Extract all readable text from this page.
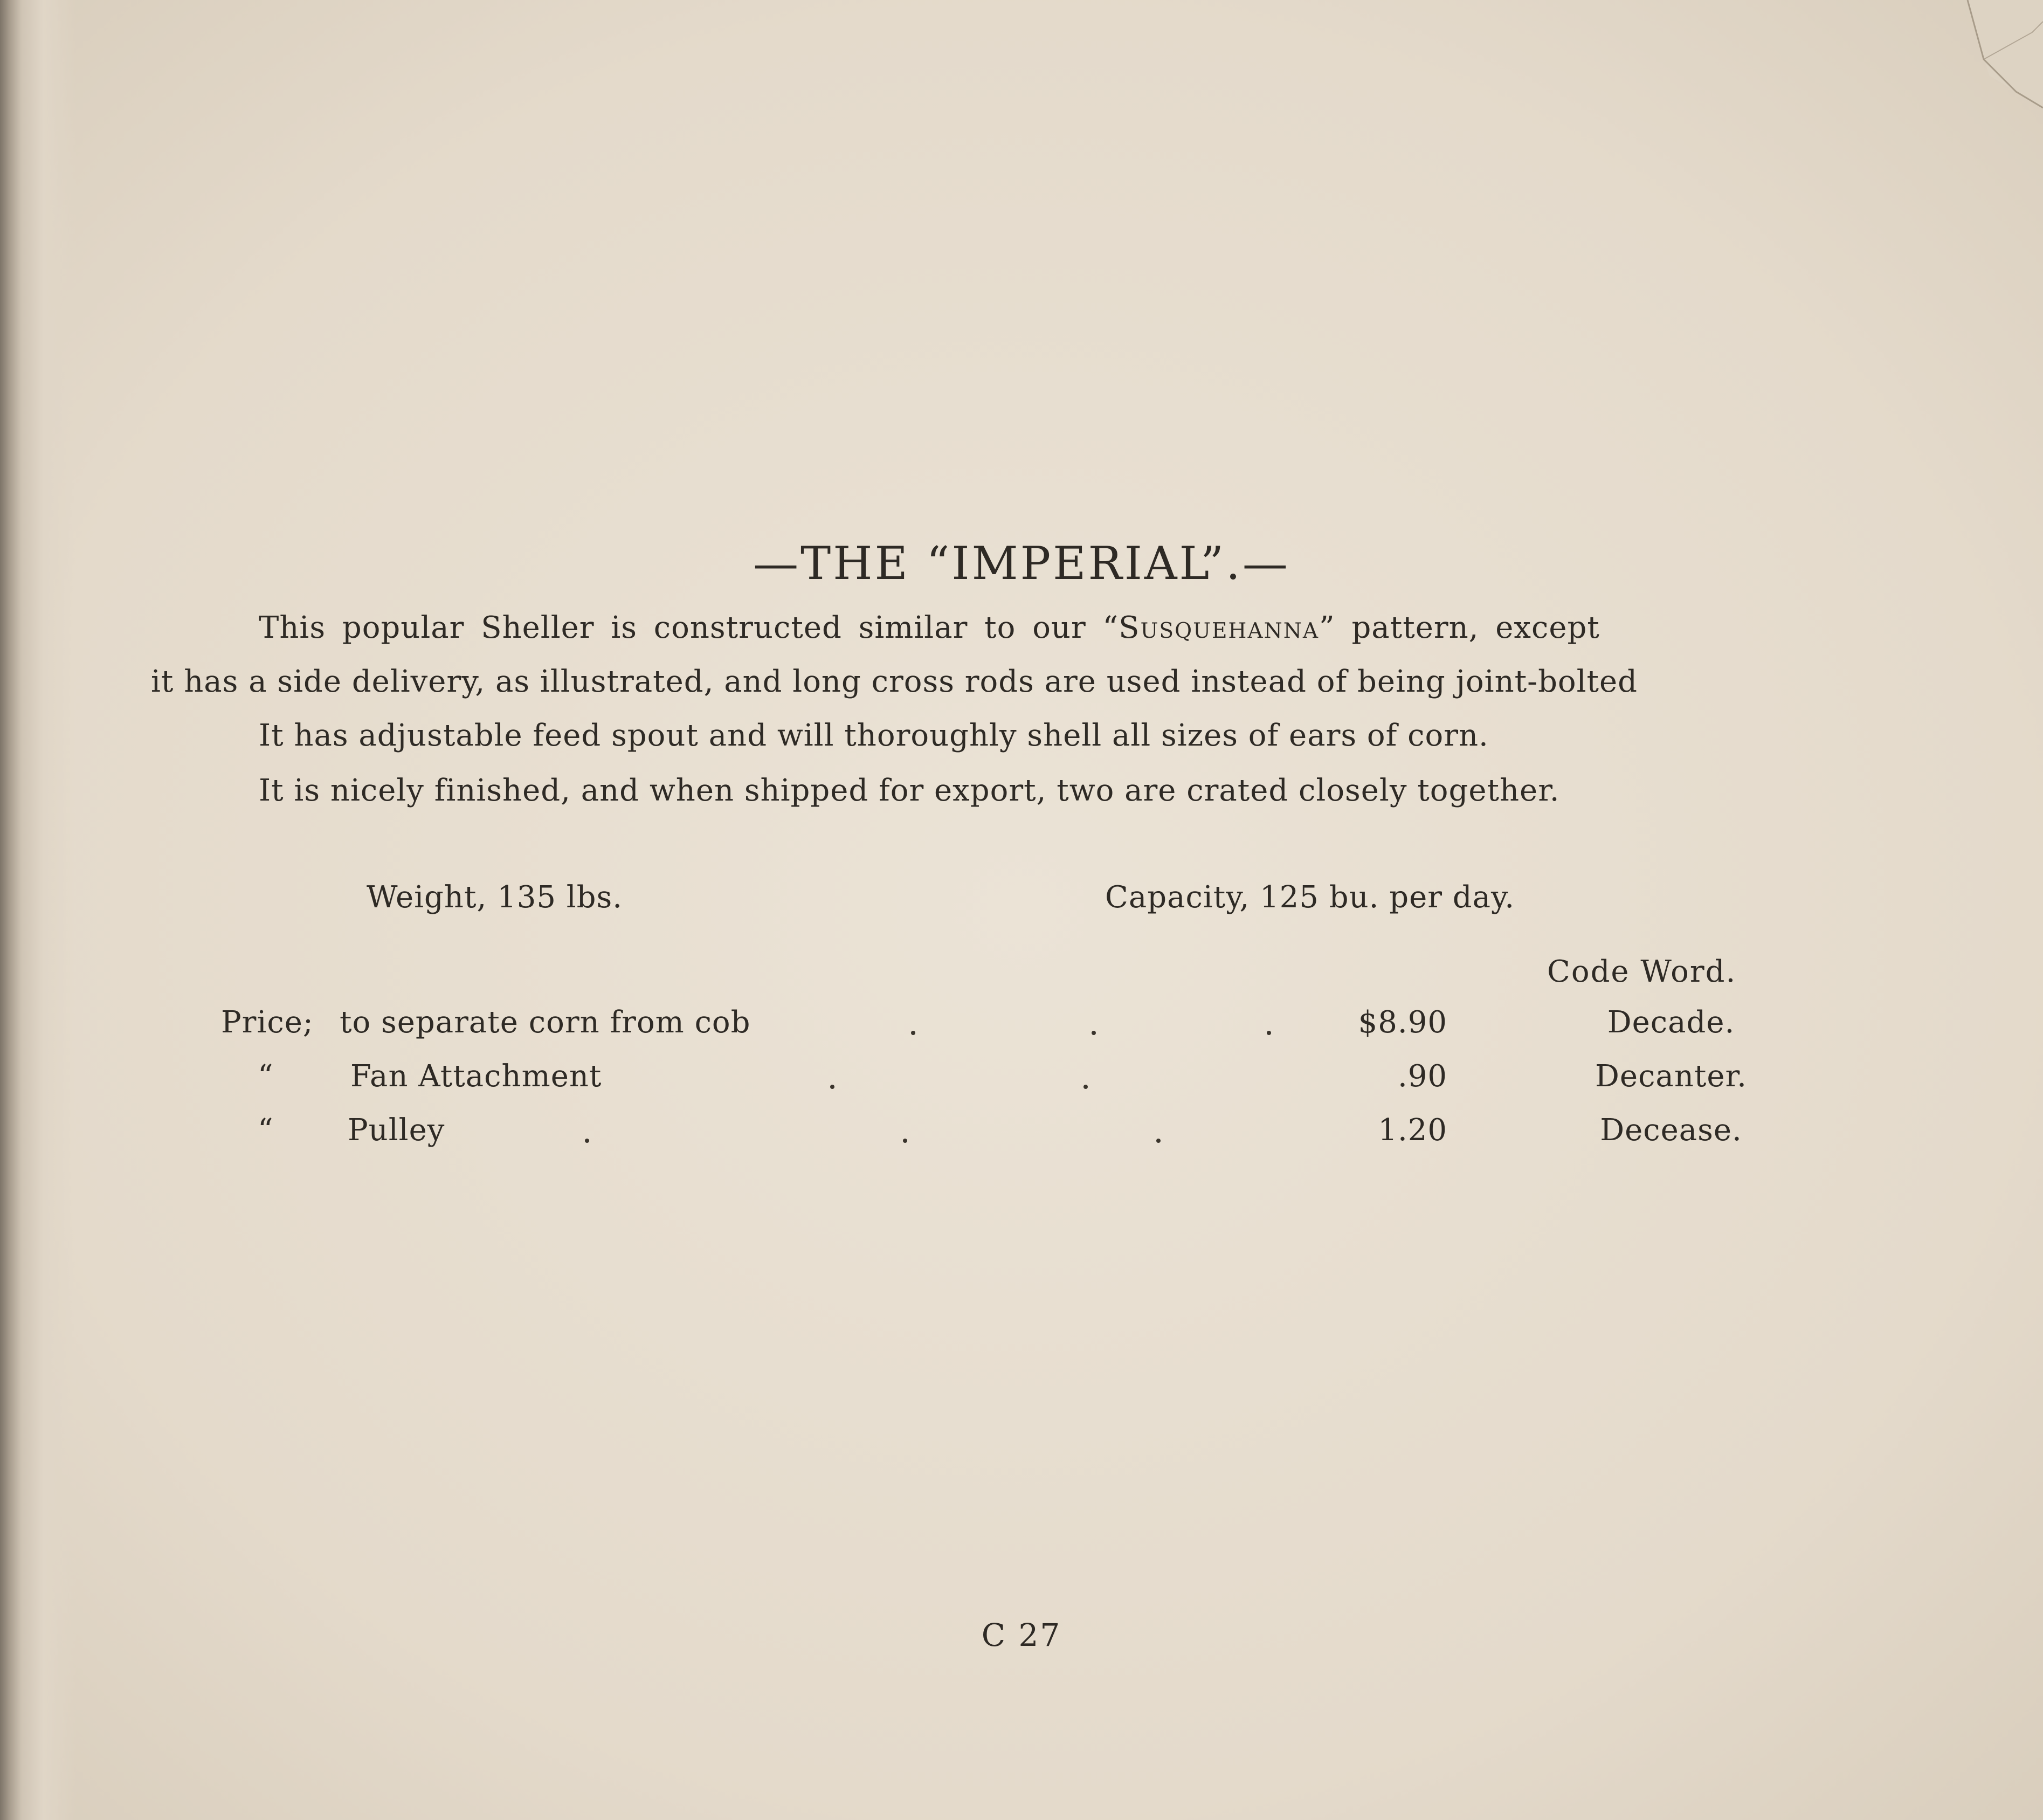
—THE “IMPERIAL”.—
This popular Sheller is constructed similar to our “Susquehanna” pattern, except
it has a side delivery, as illustrated, and long cross rods are used instead of being joint-bolted
It has adjustable feed spout and will thoroughly shell all sizes of ears of corn.
It is nicely finished, and when shipped for export, two are crated closely together.
Weight, 135 lbs.	Capacity, 125 bu. per day.
Code Word.
Price; to separate corn from cob	$8.90	Decade.
“	Fan Attachment	.90	Decanter.
“ Pulley	1.20	Decease.
C 27
